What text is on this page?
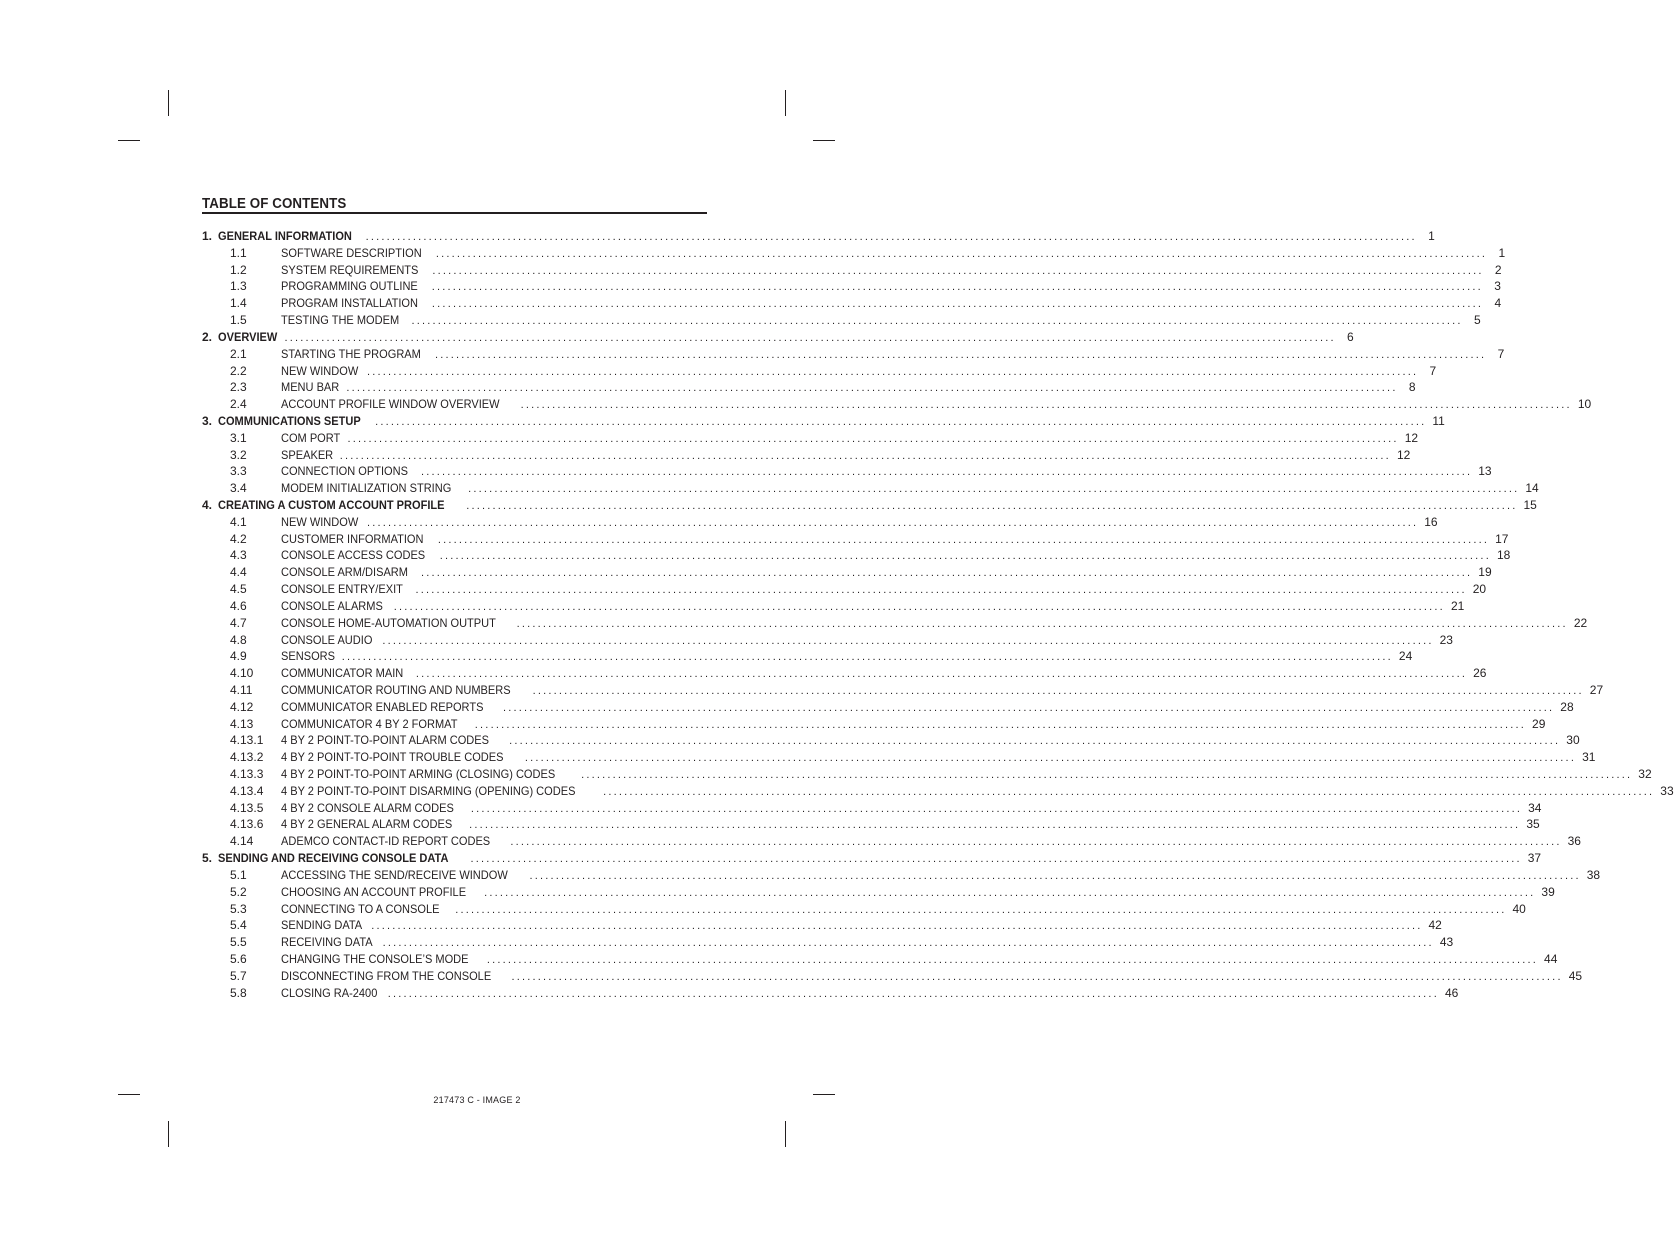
TABLE OF CONTENTS
1. GENERAL INFORMATION ........................................................................................................................................................................................................ 1
1.1	SOFTWARE DESCRIPTION ........................................................................................................................................................................................................ 1
1.2	SYSTEM REQUIREMENTS ........................................................................................................................................................................................................ 2
1.3	PROGRAMMING OUTLINE ........................................................................................................................................................................................................ 3
1.4	PROGRAM INSTALLATION ........................................................................................................................................................................................................ 4
1.5	TESTING THE MODEM ........................................................................................................................................................................................................ 5
2. OVERVIEW ........................................................................................................................................................................................................ 6
2.1	STARTING THE PROGRAM ........................................................................................................................................................................................................ 7
2.2	NEW WINDOW ........................................................................................................................................................................................................ 7
2.3	MENU BAR ........................................................................................................................................................................................................ 8
2.4	ACCOUNT PROFILE WINDOW OVERVIEW ........................................................................................................................................................................................................ 10
3. COMMUNICATIONS SETUP ........................................................................................................................................................................................................ 11
3.1	COM PORT ........................................................................................................................................................................................................ 12
3.2	SPEAKER ........................................................................................................................................................................................................ 12
3.3	CONNECTION OPTIONS ........................................................................................................................................................................................................ 13
3.4	MODEM INITIALIZATION STRING ........................................................................................................................................................................................................ 14
4. CREATING A CUSTOM ACCOUNT PROFILE ........................................................................................................................................................................................................ 15
4.1	NEW WINDOW ........................................................................................................................................................................................................ 16
4.2	CUSTOMER INFORMATION ........................................................................................................................................................................................................ 17
4.3	CONSOLE ACCESS CODES ........................................................................................................................................................................................................ 18
4.4	CONSOLE ARM/DISARM ........................................................................................................................................................................................................ 19
4.5	CONSOLE ENTRY/EXIT ........................................................................................................................................................................................................ 20
4.6	CONSOLE ALARMS ........................................................................................................................................................................................................ 21
4.7	CONSOLE HOME-AUTOMATION OUTPUT ........................................................................................................................................................................................................ 22
4.8	CONSOLE AUDIO ........................................................................................................................................................................................................ 23
4.9	SENSORS ........................................................................................................................................................................................................ 24
4.10 COMMUNICATOR MAIN ........................................................................................................................................................................................................ 26
4.11 COMMUNICATOR ROUTING AND NUMBERS ........................................................................................................................................................................................................ 27
4.12 COMMUNICATOR ENABLED REPORTS ........................................................................................................................................................................................................ 28
4.13 COMMUNICATOR 4 BY 2 FORMAT ........................................................................................................................................................................................................ 29
4.13.1 4 BY 2 POINT-TO-POINT ALARM CODES ........................................................................................................................................................................................................ 30
4.13.2 4 BY 2 POINT-TO-POINT TROUBLE CODES ........................................................................................................................................................................................................ 31
4.13.3 4 BY 2 POINT-TO-POINT ARMING (CLOSING) CODES ........................................................................................................................................................................................................ 32
4.13.4 4 BY 2 POINT-TO-POINT DISARMING (OPENING) CODES	........................................................................................................................................................................................................ 33
4.13.5 4 BY 2 CONSOLE ALARM CODES ........................................................................................................................................................................................................ 34
4.13.6 4 BY 2 GENERAL ALARM CODES ........................................................................................................................................................................................................ 35
4.14 ADEMCO CONTACT-ID REPORT CODES ........................................................................................................................................................................................................ 36
5. SENDING AND RECEIVING CONSOLE DATA ........................................................................................................................................................................................................ 37
5.1	ACCESSING THE SEND/RECEIVE WINDOW ........................................................................................................................................................................................................ 38
5.2	CHOOSING AN ACCOUNT PROFILE ........................................................................................................................................................................................................ 39
5.3	CONNECTING TO A CONSOLE ........................................................................................................................................................................................................ 40
5.4	SENDING DATA ........................................................................................................................................................................................................ 42
5.5	RECEIVING DATA ........................................................................................................................................................................................................ 43
5.6	CHANGING THE CONSOLE’S MODE ........................................................................................................................................................................................................ 44
5.7	DISCONNECTING FROM THE CONSOLE ........................................................................................................................................................................................................ 45
5.8	CLOSING RA-2400 ........................................................................................................................................................................................................ 46
217473 C - IMAGE 2
